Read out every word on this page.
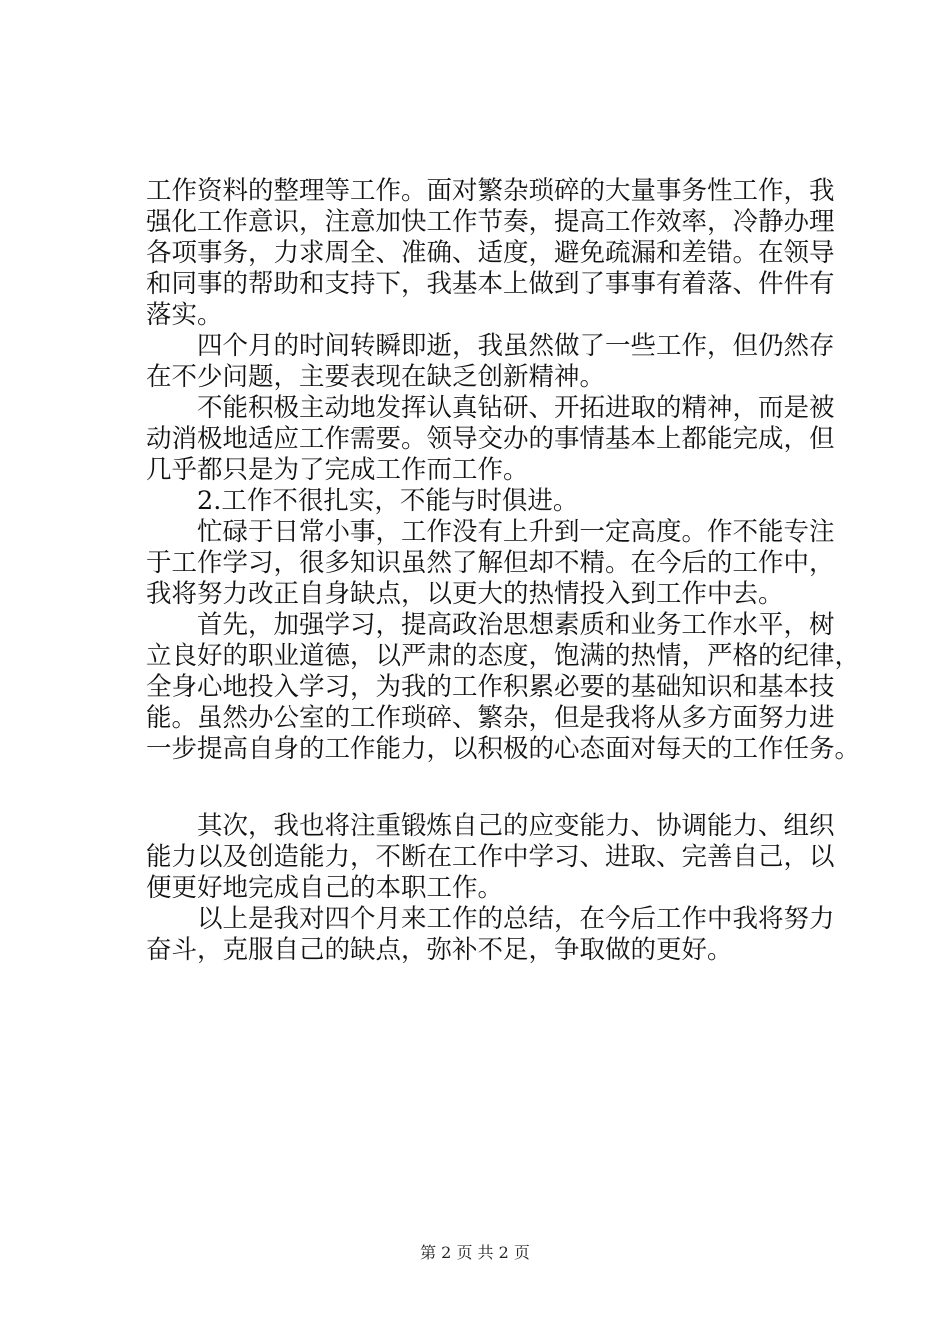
工作资料的整理等工作。面对繁杂琐碎的大量事务性工作，我
强化工作意识，注意加快工作节奏，提高工作效率，冷静办理
各项事务，力求周全、准确、适度，避免疏漏和差错。在领导
和同事的帮助和支持下，我基本上做到了事事有着落、件件有
落实。
　　四个月的时间转瞬即逝，我虽然做了一些工作，但仍然存
在不少问题，主要表现在缺乏创新精神。
　　不能积极主动地发挥认真钻研、开拓进取的精神，而是被
动消极地适应工作需要。领导交办的事情基本上都能完成，但
几乎都只是为了完成工作而工作。
　　2.工作不很扎实，不能与时俱进。
　　忙碌于日常小事，工作没有上升到一定高度。作不能专注
于工作学习，很多知识虽然了解但却不精。在今后的工作中，
我将努力改正自身缺点，以更大的热情投入到工作中去。
　　首先，加强学习，提高政治思想素质和业务工作水平，树
立良好的职业道德，以严肃的态度，饱满的热情，严格的纪律，
全身心地投入学习，为我的工作积累必要的基础知识和基本技
能。虽然办公室的工作琐碎、繁杂，但是我将从多方面努力进
一步提高自身的工作能力，以积极的心态面对每天的工作任务。
　　其次，我也将注重锻炼自己的应变能力、协调能力、组织
能力以及创造能力，不断在工作中学习、进取、完善自己，以
便更好地完成自己的本职工作。
　　以上是我对四个月来工作的总结，在今后工作中我将努力
奋斗，克服自己的缺点，弥补不足，争取做的更好。
第 2 页 共 2 页
